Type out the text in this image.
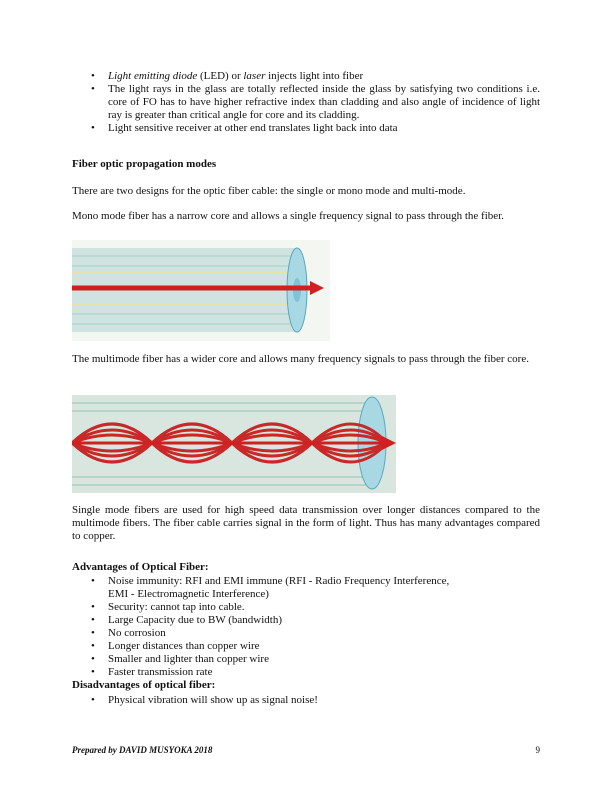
• Light emitting diode (LED) or laser injects light into fiber
• The light rays in the glass are totally reflected inside the glass by satisfying two conditions i.e. core of FO has to have higher refractive index than cladding and also angle of incidence of light ray is greater than critical angle for core and its cladding.
• Light sensitive receiver at other end translates light back into data
Fiber optic propagation modes

There are two designs for the optic fiber cable: the single or mono mode and multi-mode.

Mono mode fiber has a narrow core and allows a single frequency signal to pass through the fiber.

The multimode fiber has a wider core and allows many frequency signals to pass through the fiber core.

Single mode fibers are used for high speed data transmission over longer distances compared to the multimode fibers. The fiber cable carries signal in the form of light. Thus has many advantages compared to copper.

Advantages of Optical Fiber:
• Noise immunity: RFI and EMI immune (RFI - Radio Frequency Interference, EMI - Electromagnetic Interference)
• Security: cannot tap into cable.
• Large Capacity due to BW (bandwidth)
• No corrosion
• Longer distances than copper wire
• Smaller and lighter than copper wire
• Faster transmission rate
Disadvantages of optical fiber:
• Physical vibration will show up as signal noise!
Prepared by DAVID MUSYOKA 2018	9
